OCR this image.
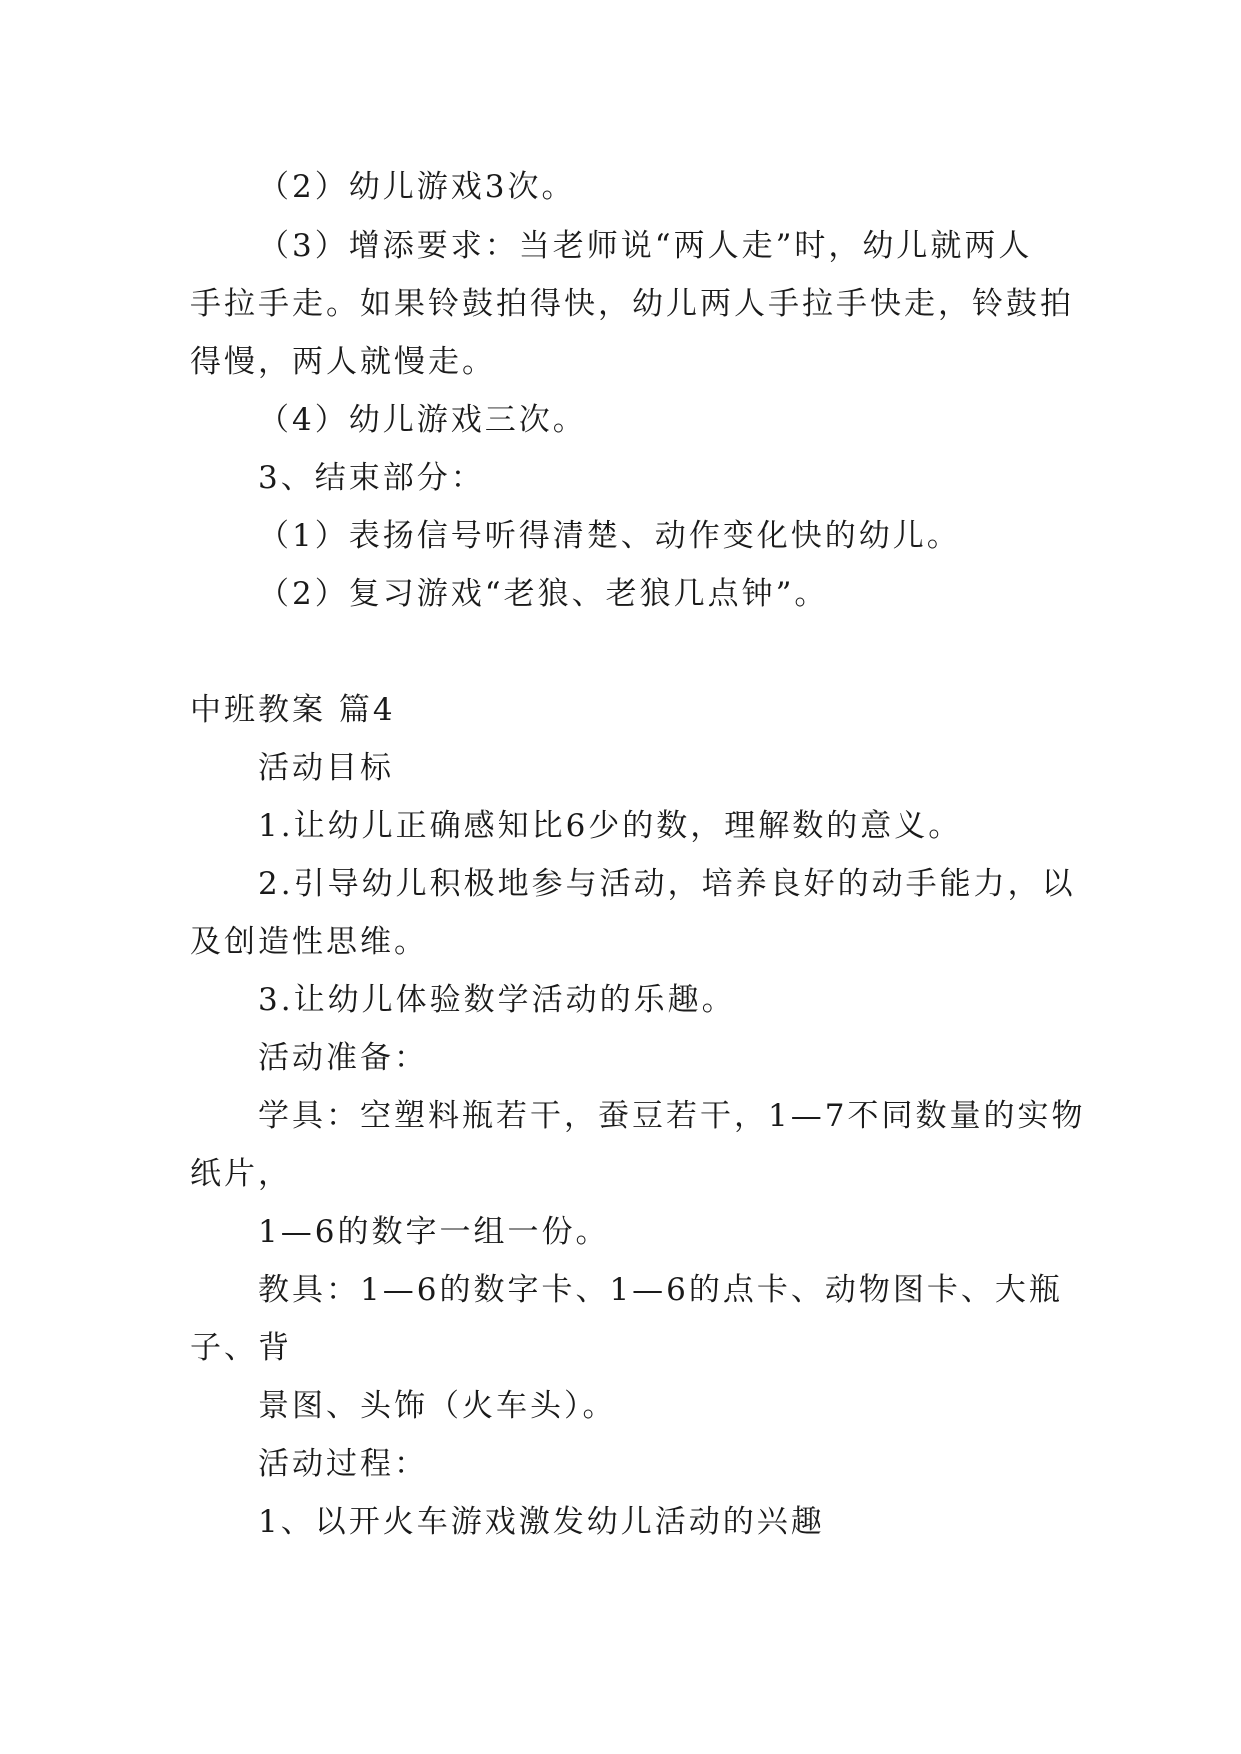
（2）幼儿游戏3次。
（3）增添要求：当老师说“两人走”时，幼儿就两人
手拉手走。如果铃鼓拍得快，幼儿两人手拉手快走，铃鼓拍
得慢，两人就慢走。
（4）幼儿游戏三次。
3、结束部分：
（1）表扬信号听得清楚、动作变化快的幼儿。
（2）复习游戏“老狼、老狼几点钟”。
中班教案 篇4
活动目标
1.让幼儿正确感知比6少的数，理解数的意义。
2.引导幼儿积极地参与活动，培养良好的动手能力，以
及创造性思维。
3.让幼儿体验数学活动的乐趣。
活动准备：
学具：空塑料瓶若干，蚕豆若干，1—7不同数量的实物
纸片，
1—6的数字一组一份。
教具：1—6的数字卡、1—6的点卡、动物图卡、大瓶
子、背
景图、头饰（火车头）。
活动过程：
1、以开火车游戏激发幼儿活动的兴趣
